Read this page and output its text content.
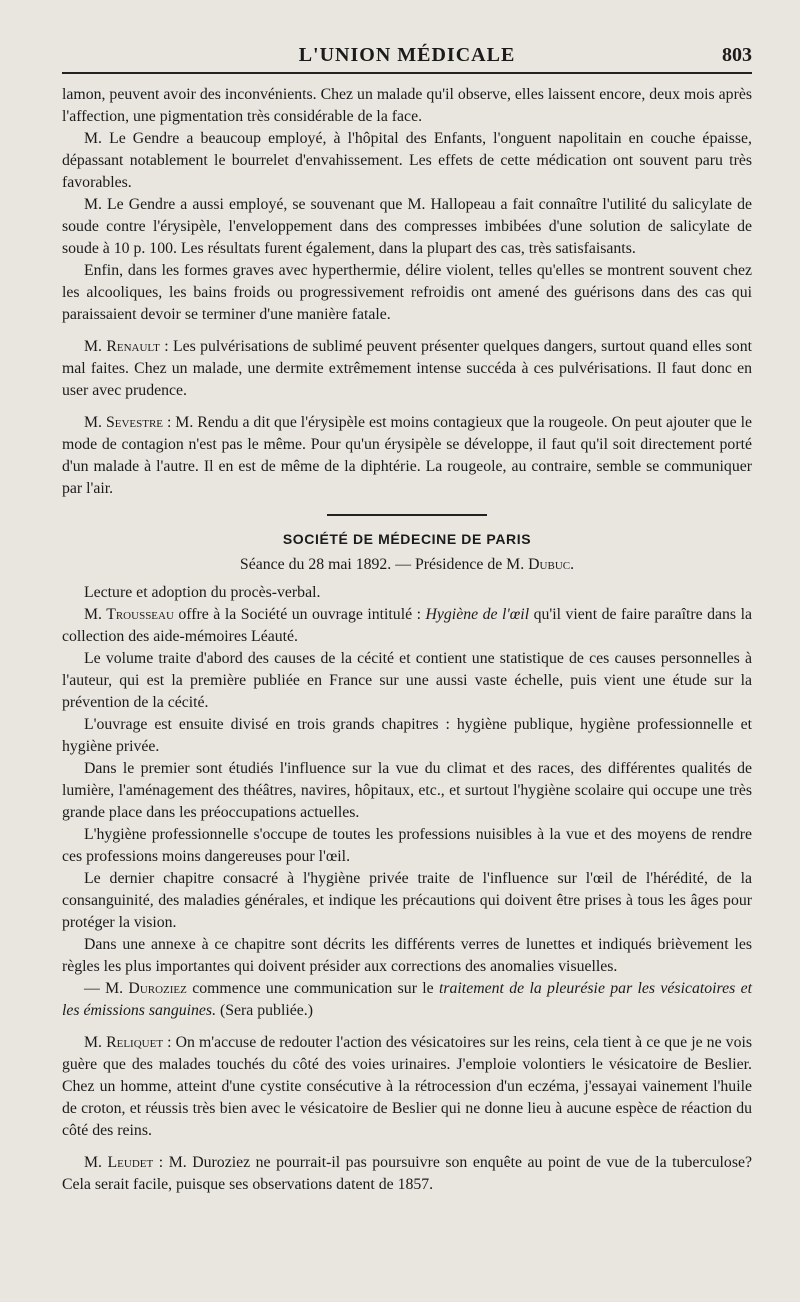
L'UNION MÉDICALE	803

lamon, peuvent avoir des inconvénients. Chez un malade qu'il observe, elles laissent encore, deux mois après l'affection, une pigmentation très considérable de la face.

M. Le Gendre a beaucoup employé, à l'hôpital des Enfants, l'onguent napolitain en couche épaisse, dépassant notablement le bourrelet d'envahissement. Les effets de cette médication ont souvent paru très favorables.

M. Le Gendre a aussi employé, se souvenant que M. Hallopeau a fait connaître l'utilité du salicylate de soude contre l'érysipèle, l'enveloppement dans des compresses imbibées d'une solution de salicylate de soude à 10 p. 100. Les résultats furent également, dans la plupart des cas, très satisfaisants.

Enfin, dans les formes graves avec hyperthermie, délire violent, telles qu'elles se montrent souvent chez les alcooliques, les bains froids ou progressivement refroidis ont amené des guérisons dans des cas qui paraissaient devoir se terminer d'une manière fatale.

M. Renault : Les pulvérisations de sublimé peuvent présenter quelques dangers, surtout quand elles sont mal faites. Chez un malade, une dermite extrêmement intense succéda à ces pulvérisations. Il faut donc en user avec prudence.

M. Sevestre : M. Rendu a dit que l'érysipèle est moins contagieux que la rougeole. On peut ajouter que le mode de contagion n'est pas le même. Pour qu'un érysipèle se développe, il faut qu'il soit directement porté d'un malade à l'autre. Il en est de même de la diphtérie. La rougeole, au contraire, semble se communiquer par l'air.

SOCIÉTÉ DE MÉDECINE DE PARIS
Séance du 28 mai 1892. — Présidence de M. Dubuc.

Lecture et adoption du procès-verbal.

M. Trousseau offre à la Société un ouvrage intitulé : Hygiène de l'œil qu'il vient de faire paraître dans la collection des aide-mémoires Léauté.

Le volume traite d'abord des causes de la cécité et contient une statistique de ces causes personnelles à l'auteur, qui est la première publiée en France sur une aussi vaste échelle, puis vient une étude sur la prévention de la cécité.

L'ouvrage est ensuite divisé en trois grands chapitres : hygiène publique, hygiène professionnelle et hygiène privée.

Dans le premier sont étudiés l'influence sur la vue du climat et des races, des différentes qualités de lumière, l'aménagement des théâtres, navires, hôpitaux, etc., et surtout l'hygiène scolaire qui occupe une très grande place dans les préoccupations actuelles.

L'hygiène professionnelle s'occupe de toutes les professions nuisibles à la vue et des moyens de rendre ces professions moins dangereuses pour l'œil.

Le dernier chapitre consacré à l'hygiène privée traite de l'influence sur l'œil de l'hérédité, de la consanguinité, des maladies générales, et indique les précautions qui doivent être prises à tous les âges pour protéger la vision.

Dans une annexe à ce chapitre sont décrits les différents verres de lunettes et indiqués brièvement les règles les plus importantes qui doivent présider aux corrections des anomalies visuelles.

— M. Duroziez commence une communication sur le traitement de la pleurésie par les vésicatoires et les émissions sanguines. (Sera publiée.)

M. Reliquet : On m'accuse de redouter l'action des vésicatoires sur les reins, cela tient à ce que je ne vois guère que des malades touchés du côté des voies urinaires. J'emploie volontiers le vésicatoire de Beslier. Chez un homme, atteint d'une cystite consécutive à la rétrocession d'un eczéma, j'essayai vainement l'huile de croton, et réussis très bien avec le vésicatoire de Beslier qui ne donne lieu à aucune espèce de réaction du côté des reins.

M. Leudet : M. Duroziez ne pourrait-il pas poursuivre son enquête au point de vue de la tuberculose? Cela serait facile, puisque ses observations datent de 1857.
